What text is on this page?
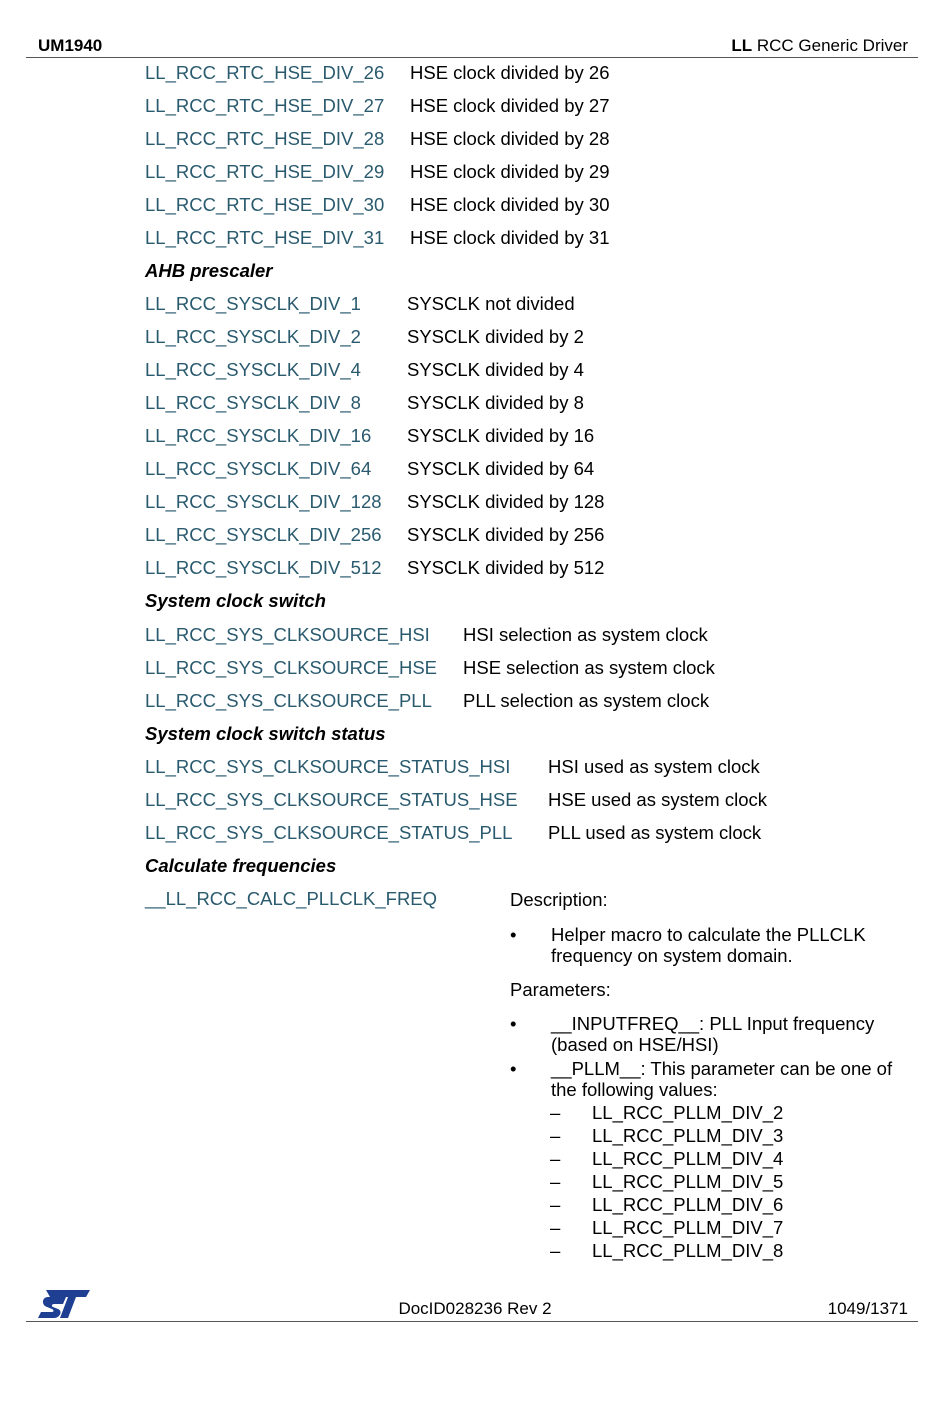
UM1940	LL RCC Generic Driver
LL_RCC_RTC_HSE_DIV_26 HSE clock divided by 26
LL_RCC_RTC_HSE_DIV_27 HSE clock divided by 27
LL_RCC_RTC_HSE_DIV_28 HSE clock divided by 28
LL_RCC_RTC_HSE_DIV_29 HSE clock divided by 29
LL_RCC_RTC_HSE_DIV_30 HSE clock divided by 30
LL_RCC_RTC_HSE_DIV_31 HSE clock divided by 31
AHB prescaler
LL_RCC_SYSCLK_DIV_1 SYSCLK not divided
LL_RCC_SYSCLK_DIV_2 SYSCLK divided by 2
LL_RCC_SYSCLK_DIV_4 SYSCLK divided by 4
LL_RCC_SYSCLK_DIV_8 SYSCLK divided by 8
LL_RCC_SYSCLK_DIV_16 SYSCLK divided by 16
LL_RCC_SYSCLK_DIV_64 SYSCLK divided by 64
LL_RCC_SYSCLK_DIV_128 SYSCLK divided by 128
LL_RCC_SYSCLK_DIV_256 SYSCLK divided by 256
LL_RCC_SYSCLK_DIV_512 SYSCLK divided by 512
System clock switch
LL_RCC_SYS_CLKSOURCE_HSI HSI selection as system clock
LL_RCC_SYS_CLKSOURCE_HSE HSE selection as system clock
LL_RCC_SYS_CLKSOURCE_PLL PLL selection as system clock
System clock switch status
LL_RCC_SYS_CLKSOURCE_STATUS_HSI HSI used as system clock
LL_RCC_SYS_CLKSOURCE_STATUS_HSE HSE used as system clock
LL_RCC_SYS_CLKSOURCE_STATUS_PLL PLL used as system clock
Calculate frequencies
__LL_RCC_CALC_PLLCLK_FREQ	Description:
• Helper macro to calculate the PLLCLK
frequency on system domain.
Parameters:
• __INPUTFREQ__: PLL Input frequency
(based on HSE/HSI)
• __PLLM__: This parameter can be one of
the following values:
– LL_RCC_PLLM_DIV_2
– LL_RCC_PLLM_DIV_3
– LL_RCC_PLLM_DIV_4
– LL_RCC_PLLM_DIV_5
– LL_RCC_PLLM_DIV_6
– LL_RCC_PLLM_DIV_7
– LL_RCC_PLLM_DIV_8
DocID028236 Rev 2	1049/1371
